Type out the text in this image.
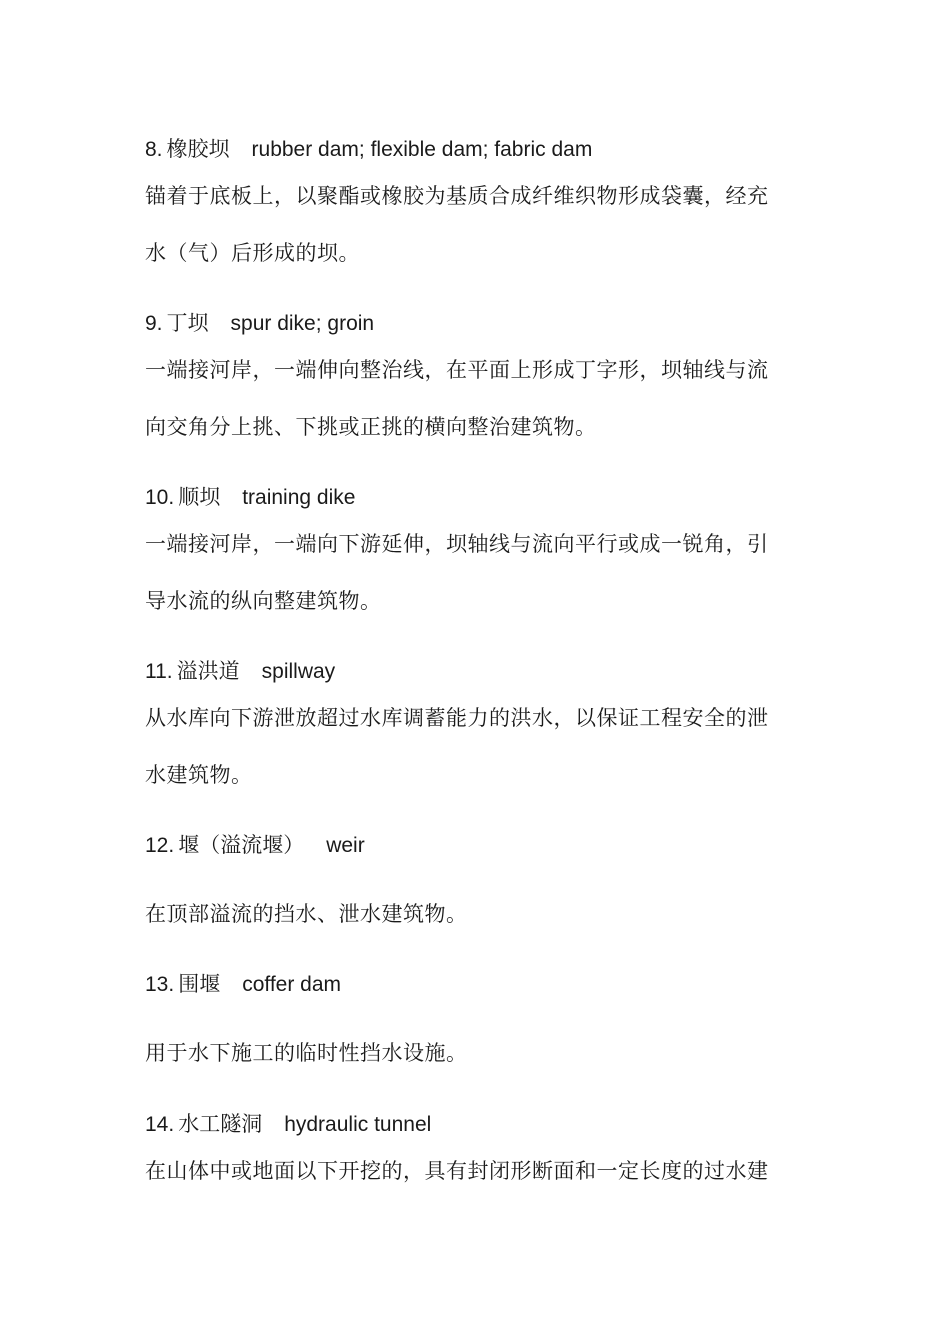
8. 橡胶坝 rubber dam; flexible dam; fabric dam
锚着于底板上，以聚酯或橡胶为基质合成纤维织物形成袋囊，经充
水（气）后形成的坝。
9. 丁坝 spur dike; groin
一端接河岸，一端伸向整治线，在平面上形成丁字形，坝轴线与流
向交角分上挑、下挑或正挑的横向整治建筑物。
10. 顺坝 training dike
一端接河岸，一端向下游延伸，坝轴线与流向平行或成一锐角，引
导水流的纵向整建筑物。
11. 溢洪道 spillway
从水库向下游泄放超过水库调蓄能力的洪水，以保证工程安全的泄
水建筑物。
12. 堰（溢流堰） weir
在顶部溢流的挡水、泄水建筑物。
13. 围堰 coffer dam
用于水下施工的临时性挡水设施。
14. 水工隧洞 hydraulic tunnel
在山体中或地面以下开挖的，具有封闭形断面和一定长度的过水建
